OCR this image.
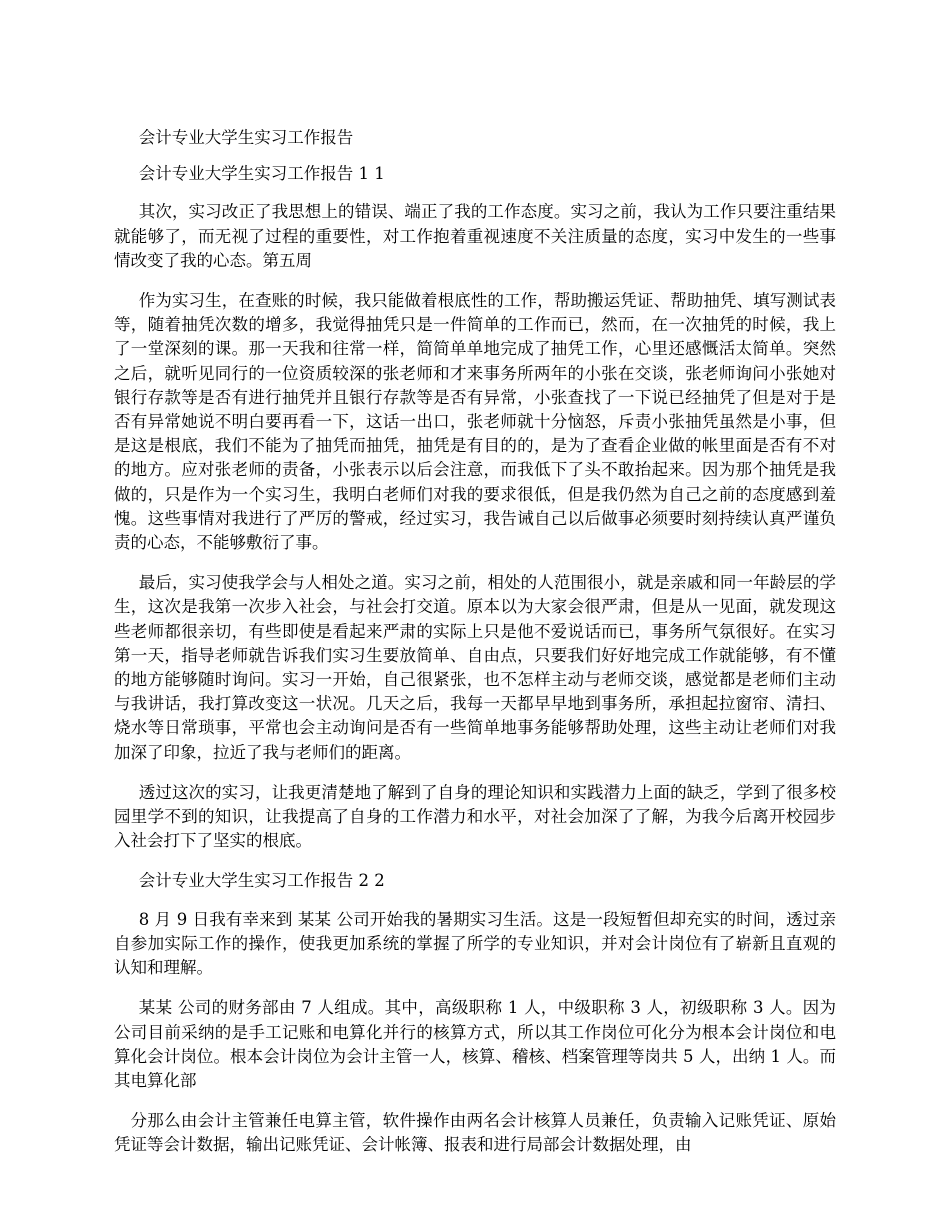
会计专业大学生实习工作报告

会计专业大学生实习工作报告 1 1

其次，实习改正了我思想上的错误、端正了我的工作态度。实习之前，我认为工作只要注重结果就能够了，而无视了过程的重要性，对工作抱着重视速度不关注质量的态度，实习中发生的一些事情改变了我的心态。第五周

作为实习生，在查账的时候，我只能做着根底性的工作，帮助搬运凭证、帮助抽凭、填写测试表等，随着抽凭次数的增多，我觉得抽凭只是一件简单的工作而已，然而，在一次抽凭的时候，我上了一堂深刻的课。那一天我和往常一样，简简单单地完成了抽凭工作，心里还感慨活太简单。突然之后，就听见同行的一位资质较深的张老师和才来事务所两年的小张在交谈，张老师询问小张她对银行存款等是否有进行抽凭并且银行存款等是否有异常，小张查找了一下说已经抽凭了但是对于是否有异常她说不明白要再看一下，这话一出口，张老师就十分恼怒，斥责小张抽凭虽然是小事，但是这是根底，我们不能为了抽凭而抽凭，抽凭是有目的的，是为了查看企业做的帐里面是否有不对的地方。应对张老师的责备，小张表示以后会注意，而我低下了头不敢抬起来。因为那个抽凭是我做的，只是作为一个实习生，我明白老师们对我的要求很低，但是我仍然为自己之前的态度感到羞愧。这些事情对我进行了严厉的警戒，经过实习，我告诫自己以后做事必须要时刻持续认真严谨负责的心态，不能够敷衍了事。

最后，实习使我学会与人相处之道。实习之前，相处的人范围很小，就是亲戚和同一年龄层的学生，这次是我第一次步入社会，与社会打交道。原本以为大家会很严肃，但是从一见面，就发现这些老师都很亲切，有些即使是看起来严肃的实际上只是他不爱说话而已，事务所气氛很好。在实习第一天，指导老师就告诉我们实习生要放简单、自由点，只要我们好好地完成工作就能够，有不懂的地方能够随时询问。实习一开始，自己很紧张，也不怎样主动与老师交谈，感觉都是老师们主动与我讲话，我打算改变这一状况。几天之后，我每一天都早早地到事务所，承担起拉窗帘、清扫、烧水等日常琐事，平常也会主动询问是否有一些简单地事务能够帮助处理，这些主动让老师们对我加深了印象，拉近了我与老师们的距离。

透过这次的实习，让我更清楚地了解到了自身的理论知识和实践潜力上面的缺乏，学到了很多校园里学不到的知识，让我提高了自身的工作潜力和水平，对社会加深了了解，为我今后离开校园步入社会打下了坚实的根底。

会计专业大学生实习工作报告 2 2

8 月 9 日我有幸来到 某某 公司开始我的暑期实习生活。这是一段短暂但却充实的时间，透过亲自参加实际工作的操作，使我更加系统的掌握了所学的专业知识，并对会计岗位有了崭新且直观的认知和理解。

某某 公司的财务部由 7 人组成。其中，高级职称 1 人，中级职称 3 人，初级职称 3 人。因为公司目前采纳的是手工记账和电算化并行的核算方式，所以其工作岗位可化分为根本会计岗位和电算化会计岗位。根本会计岗位为会计主管一人，核算、稽核、档案管理等岗共 5 人，出纳 1 人。而其电算化部

分那么由会计主管兼任电算主管，软件操作由两名会计核算人员兼任，负责输入记账凭证、原始凭证等会计数据，输出记账凭证、会计帐簿、报表和进行局部会计数据处理，由
